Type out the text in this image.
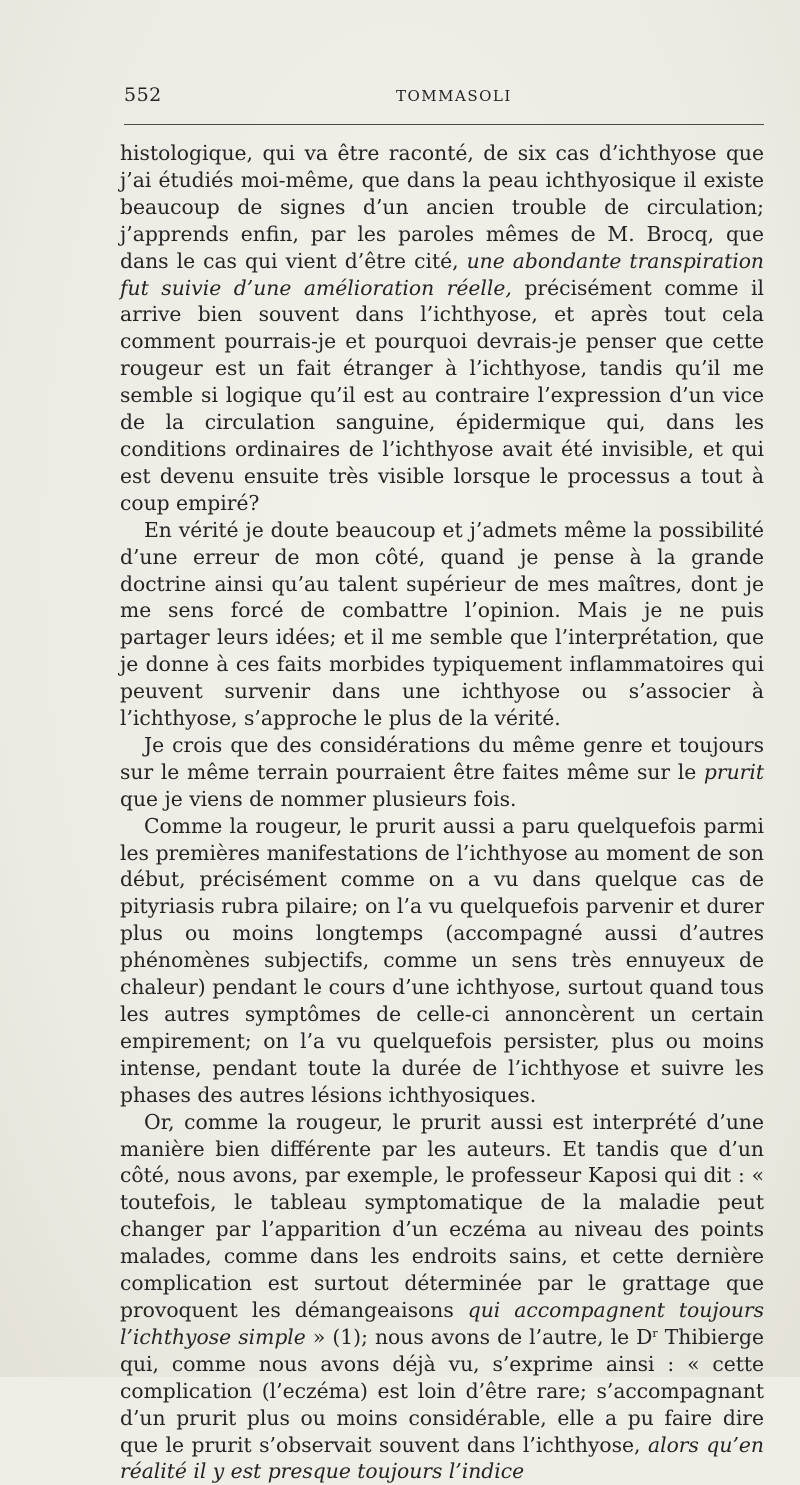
552	TOMMASOLI

histologique, qui va être raconté, de six cas d’ichthyose que j’ai étudiés moi-même, que dans la peau ichthyosique il existe beaucoup de signes d’un ancien trouble de circulation; j’apprends enfin, par les paroles mêmes de M. Brocq, que dans le cas qui vient d’être cité, une abondante transpiration fut suivie d’une amélioration réelle, précisément comme il arrive bien souvent dans l’ichthyose, et après tout cela comment pourrais-je et pourquoi devrais-je penser que cette rougeur est un fait étranger à l’ichthyose, tandis qu’il me semble si logique qu’il est au contraire l’expression d’un vice de la circulation sanguine, épidermique qui, dans les conditions ordinaires de l’ichthyose avait été invisible, et qui est devenu ensuite très visible lorsque le processus a tout à coup empiré?

En vérité je doute beaucoup et j’admets même la possibilité d’une erreur de mon côté, quand je pense à la grande doctrine ainsi qu’au talent supérieur de mes maîtres, dont je me sens forcé de combattre l’opinion. Mais je ne puis partager leurs idées; et il me semble que l’interprétation, que je donne à ces faits morbides typiquement inflammatoires qui peuvent survenir dans une ichthyose ou s’associer à l’ichthyose, s’approche le plus de la vérité.

Je crois que des considérations du même genre et toujours sur le même terrain pourraient être faites même sur le prurit que je viens de nommer plusieurs fois.

Comme la rougeur, le prurit aussi a paru quelquefois parmi les premières manifestations de l’ichthyose au moment de son début, précisément comme on a vu dans quelque cas de pityriasis rubra pilaire; on l’a vu quelquefois parvenir et durer plus ou moins longtemps (accompagné aussi d’autres phénomènes subjectifs, comme un sens très ennuyeux de chaleur) pendant le cours d’une ichthyose, surtout quand tous les autres symptômes de celle-ci annoncèrent un certain empirement; on l’a vu quelquefois persister, plus ou moins intense, pendant toute la durée de l’ichthyose et suivre les phases des autres lésions ichthyosiques.

Or, comme la rougeur, le prurit aussi est interprété d’une manière bien différente par les auteurs. Et tandis que d’un côté, nous avons, par exemple, le professeur Kaposi qui dit : « toutefois, le tableau symptomatique de la maladie peut changer par l’apparition d’un eczéma au niveau des points malades, comme dans les endroits sains, et cette dernière complication est surtout déterminée par le grattage que provoquent les démangeaisons qui accompagnent toujours l’ichthyose simple » (1); nous avons de l’autre, le $D^r$ Thibierge qui, comme nous avons déjà vu, s’exprime ainsi : « cette complication (l’eczéma) est loin d’être rare; s’accompagnant d’un prurit plus ou moins considérable, elle a pu faire dire que le prurit s’observait souvent dans l’ichthyose, alors qu’en réalité il y est presque toujours l’indice
